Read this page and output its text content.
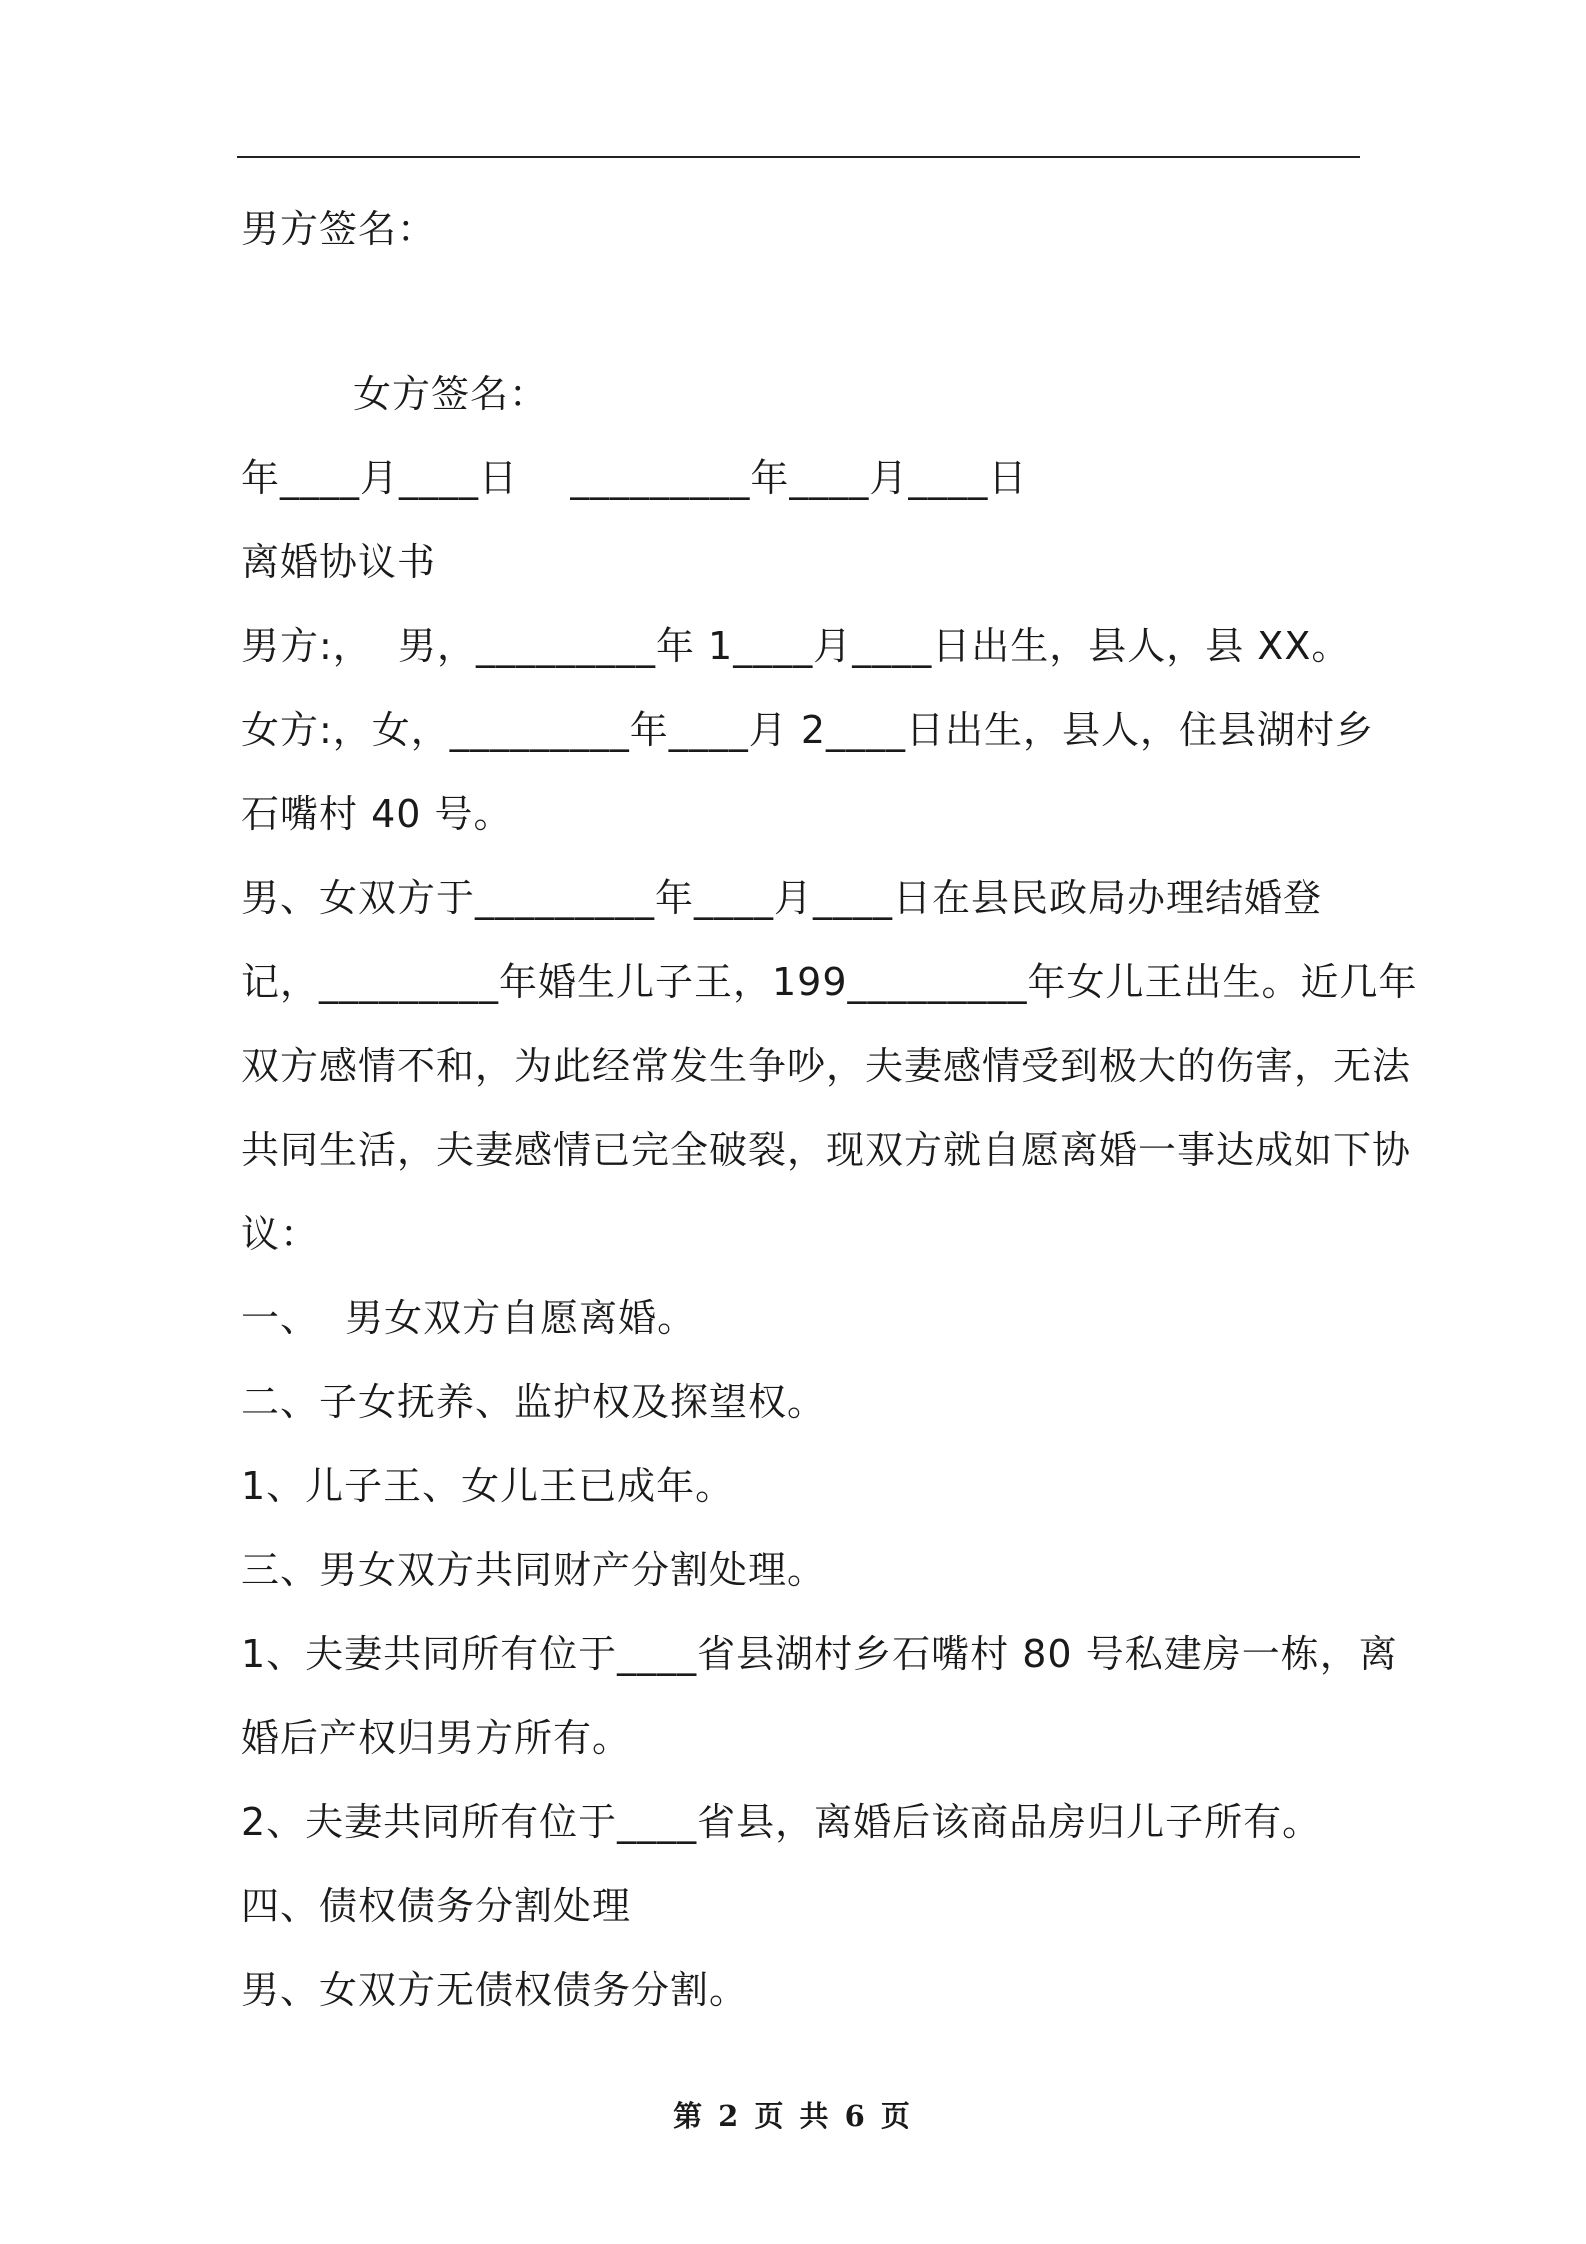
男方签名：
女方签名：
年____月____日    _________年____月____日
离婚协议书
男方:，  男，_________年 1____月____日出生，县人，县 XX。
女方:，女，_________年____月 2____日出生，县人，住县湖村乡
石嘴村 40 号。
男、女双方于_________年____月____日在县民政局办理结婚登
记，_________年婚生儿子王，199_________年女儿王出生。近几年
双方感情不和，为此经常发生争吵，夫妻感情受到极大的伤害，无法
共同生活，夫妻感情已完全破裂，现双方就自愿离婚一事达成如下协
议：
一、  男女双方自愿离婚。
二、子女抚养、监护权及探望权。
1、儿子王、女儿王已成年。
三、男女双方共同财产分割处理。
1、夫妻共同所有位于____省县湖村乡石嘴村 80 号私建房一栋，离
婚后产权归男方所有。
2、夫妻共同所有位于____省县，离婚后该商品房归儿子所有。
四、债权债务分割处理
男、女双方无债权债务分割。
第 2 页 共 6 页
